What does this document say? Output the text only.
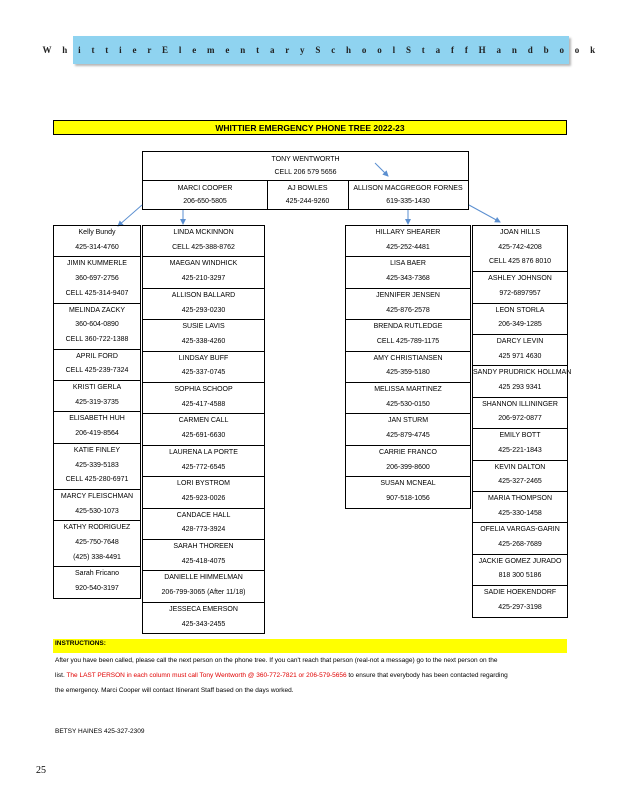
W h i t t i e r E l e m e n t a r y S c h o o l S t a f f H a n d b o o k
WHITTIER EMERGENCY PHONE TREE 2022-23
TONY WENTWORTH
CELL 206 579 5656
MARCI COOPER
206-650-5805
AJ BOWLES
425-244-9260
ALLISON MACGREGOR FORNES
619-335-1430
Kelly Bundy
425-314-4760
JIMIN KUMMERLE
360-697-2756
CELL 425-314-9407
MELINDA ZACKY
360-604-0890
CELL 360-722-1388
APRIL FORD
CELL 425-239-7324
KRISTI GERLA
425-319-3735
ELISABETH HUH
206-419-8564
KATIE FINLEY
425-339-5183
CELL 425-280-6971
MARCY FLEISCHMAN
425-530-1073
KATHY RODRIGUEZ
425-750-7648
(425) 338-4491
Sarah Fricano
920-540-3197
LINDA MCKINNON
CELL 425-388-8762
MAEGAN WINDHICK
425-210-3297
ALLISON BALLARD
425-293-0230
SUSIE LAVIS
425-338-4260
LINDSAY BUFF
425-337-0745
SOPHIA SCHOOP
425-417-4588
CARMEN CALL
425-691-6630
LAURENA LA PORTE
425-772-6545
LORI BYSTROM
425-923-0026
CANDACE HALL
428-773-3924
SARAH THOREEN
425-418-4075
DANIELLE HIMMELMAN
206-799-3065 (After 11/18)
JESSECA EMERSON
425-343-2455
HILLARY SHEARER
425-252-4481
LISA BAER
425-343-7368
JENNIFER JENSEN
425-876-2578
BRENDA RUTLEDGE
CELL 425-789-1175
AMY CHRISTIANSEN
425-359-5180
MELISSA MARTINEZ
425-530-0150
JAN STURM
425-879-4745
CARRIE FRANCO
206-399-8600
SUSAN MCNEAL
907-518-1056
JOAN HILLS
425-742-4208
CELL 425 876 8010
ASHLEY JOHNSON
972-6897957
LEON STORLA
206-349-1285
DARCY LEVIN
425 971 4630
SANDY PRUDRICK HOLLMAN
425 293 9341
SHANNON ILLININGER
206-972-0877
EMILY BOTT
425-221-1843
KEVIN DALTON
425-327-2465
MARIA THOMPSON
425-330-1458
OFELIA VARGAS-GARIN
425-268-7689
JACKIE GOMEZ JURADO
818 300 5186
SADIE HOEKENDORF
425-297-3198
INSTRUCTIONS:
After you have been called, please call the next person on the phone tree. If you can't reach that person (real-not a message) go to the next person on the
list. The LAST PERSON in each column must call Tony Wentworth @ 360-772-7821 or 206-579-5656 to ensure that everybody has been contacted regarding
the emergency. Marci Cooper will contact Itinerant Staff based on the days worked.
BETSY HAINES 425-327-2309
25
